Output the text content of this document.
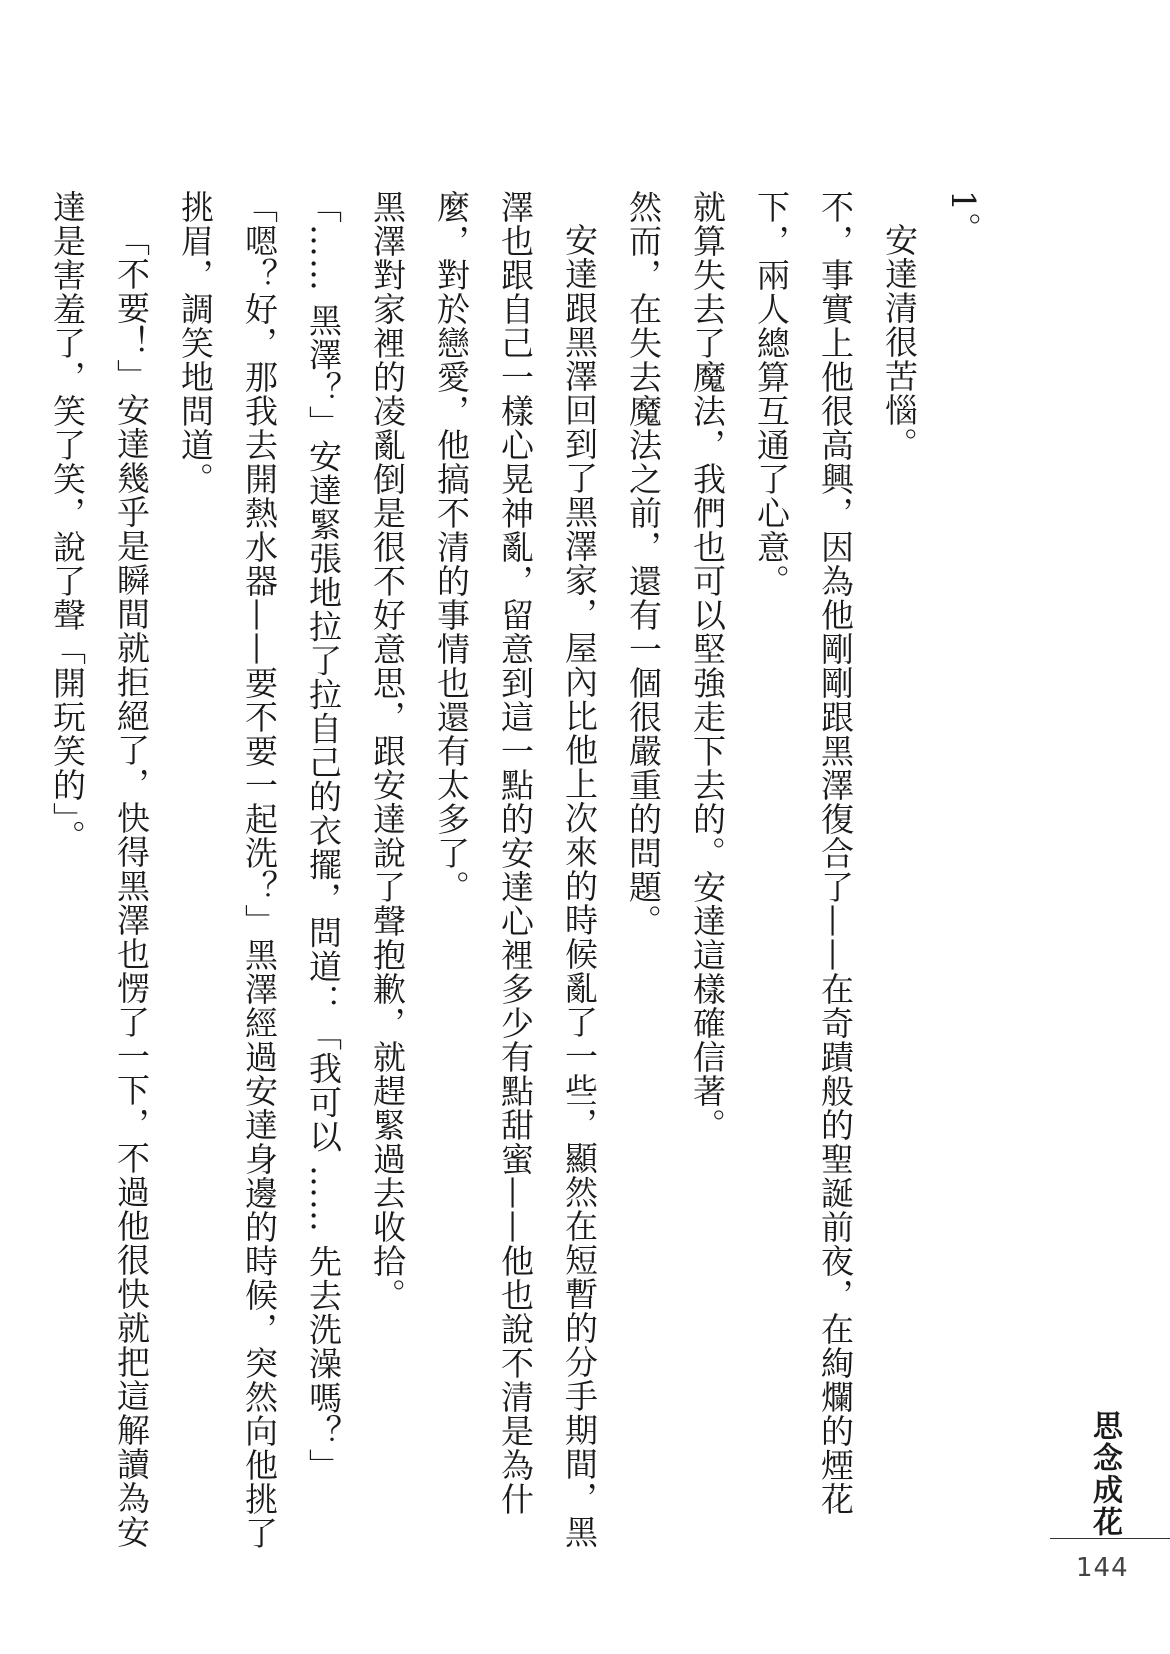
1。

安達清很苦惱。

不，事實上他很高興，因為他剛剛跟黑澤復合了——在奇蹟般的聖誕前夜，在絢爛的煙花下，兩人總算互通了心意。

就算失去了魔法，我們也可以堅強走下去的。安達這樣確信著。

然而，在失去魔法之前，還有一個很嚴重的問題。

安達跟黑澤回到了黑澤家，屋內比他上次來的時候亂了一些，顯然在短暫的分手期間，黑澤也跟自己一樣心晃神亂，留意到這一點的安達心裡多少有點甜蜜——他也說不清是為什麼，對於戀愛，他搞不清的事情也還有太多了。

黑澤對家裡的凌亂倒是很不好意思，跟安達說了聲抱歉，就趕緊過去收拾。

「…… 黑澤？」安達緊張地拉了拉自己的衣擺，問道：「我可以 …… 先去洗澡嗎？」

「嗯？好，那我去開熱水器——要不要一起洗？」黑澤經過安達身邊的時候，突然向他挑了挑眉，調笑地問道。

「不要！」安達幾乎是瞬間就拒絕了，快得黑澤也愣了一下，不過他很快就把這解讀為安達是害羞了，笑了笑，說了聲「開玩笑的」。

思念成花
144
